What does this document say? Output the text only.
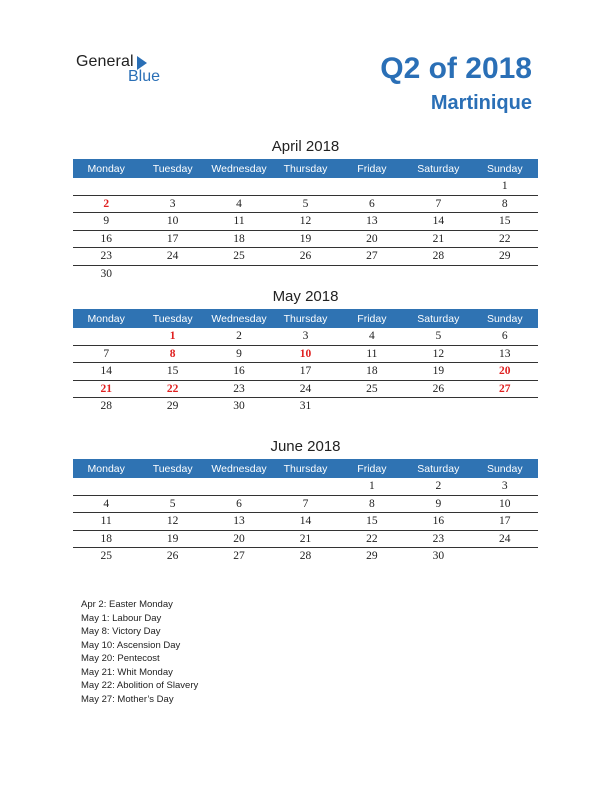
General
Blue	Q2 of 2018
Martinique
April 2018
Monday	Tuesday	Wednesday	Thursday	Friday	Saturday	Sunday
						1
2	3	4	5	6	7	8
9	10	11	12	13	14	15
16	17	18	19	20	21	22
23	24	25	26	27	28	29
30						
May 2018
Monday	Tuesday	Wednesday	Thursday	Friday	Saturday	Sunday
	1	2	3	4	5	6
7	8	9	10	11	12	13
14	15	16	17	18	19	20
21	22	23	24	25	26	27
28	29	30	31			
June 2018
Monday	Tuesday	Wednesday	Thursday	Friday	Saturday	Sunday
				1	2	3
4	5	6	7	8	9	10
11	12	13	14	15	16	17
18	19	20	21	22	23	24
25	26	27	28	29	30	
Apr 2: Easter Monday
May 1: Labour Day
May 8: Victory Day
May 10: Ascension Day
May 20: Pentecost
May 21: Whit Monday
May 22: Abolition of Slavery
May 27: Mother’s Day
